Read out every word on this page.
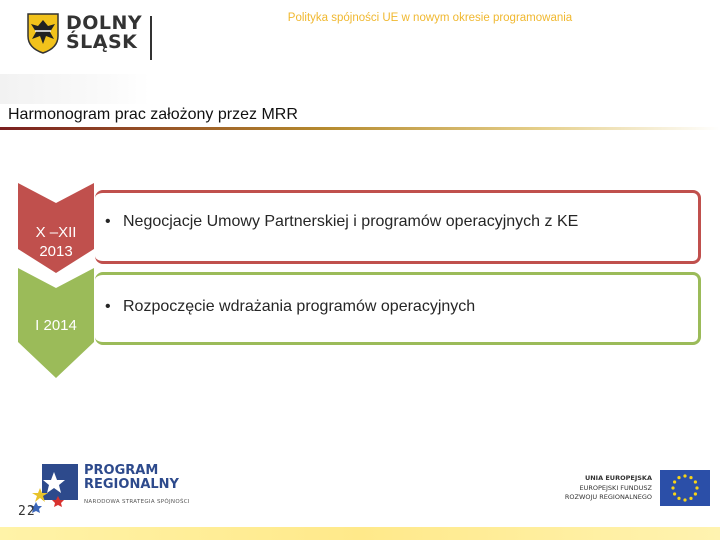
DOLNY
ŚLĄSK
Polityka spójności UE w nowym okresie programowania
Harmonogram prac założony przez MRR
X –XII
2013
• Negocjacje Umowy Partnerskiej i programów operacyjnych z KE
I 2014
• Rozpoczęcie wdrażania programów operacyjnych
PROGRAM
REGIONALNY
NARODOWA STRATEGIA SPÓJNOŚCI
22
UNIA EUROPEJSKA
EUROPEJSKI FUNDUSZ
ROZWOJU REGIONALNEGO
